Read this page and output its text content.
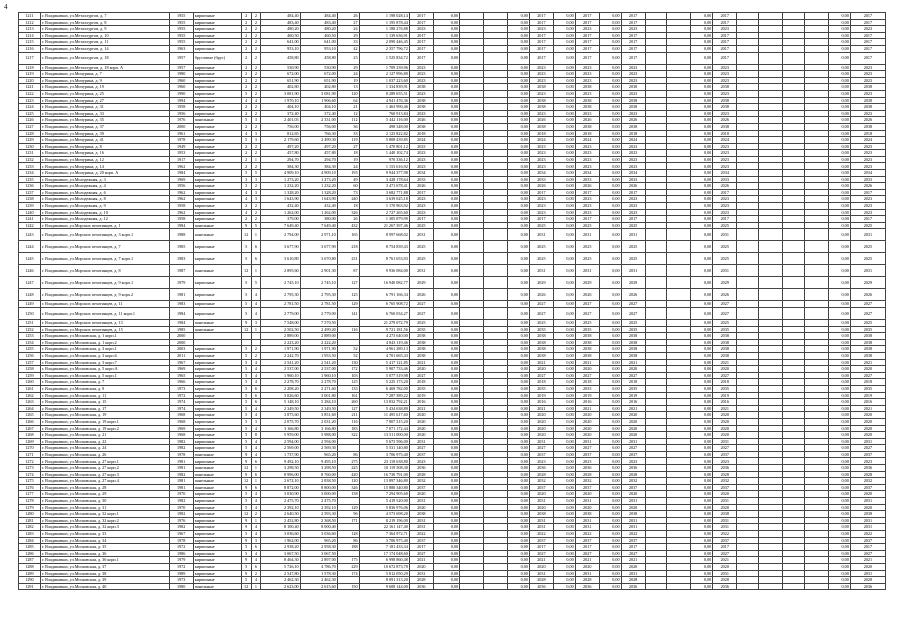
4
1211	г. Владикавказ, ул.Металлургов, д. 7	1955	кирпичные	2	2	484,40	484,40	26	1 198 028,14	2017	0,00			0,00	2017	0,00	2017	0,00	2017			0,00	2017					0,00	2017
1212	г. Владикавказ, ул.Металлургов, д. 8	1955	кирпичные	2	2	483,40	483,40	27	1 195 878,44	2017	0,00			0,00	2017	0,00	2017	0,00	2017			0,00	2017					0,00	2017
1213	г. Владикавказ, ул.Металлургов, д. 9	1955	кирпичные	2	2	480,20	480,20	24	1 188 276,88	2023	0,00			0,00	2023	0,00	2023	0,00	2023			0,00	2023					0,00	2023
1214	г. Владикавказ, ул.Металлургов, д. 10	1955	кирпичные	2	2	460,50	460,50	29	1 139 636,91	2017	0,00			0,00	2017	0,00	2017	0,00	2017			0,00	2017					0,00	2017
1215	г. Владикавказ, ул.Металлургов, д. 11	1955	кирпичные	2	2	641,00	641,00	33	2 090 446,45	2017	0,00			0,00	2017	0,00	2017	0,00	2017			0,00	2017					0,00	2017
1216	г. Владикавказ, ул.Металлургов, д. 14	1963	кирпичные	2	2	953,10	953,10	42	2 357 796,72	2017	0,00			0,00	2017	0,00	2017	0,00	2017			0,00	2017					0,00	2017
1217	г. Владикавказ, ул.Металлургов, д. 18	1957	брусчатые (брус)	2	2	458,80	458,80	23	1 525 834,72	2017	0,00			0,00	2017	0,00	2017	0,00	2017			0,00	2017					0,00	2017
1218	г. Владикавказ, ул.Металлургов, д. 18 корп. А	1957	кирпичные	2	2	530,90	530,90	29	1 709 239,96	2023	0,00			0,00	2023	0,00	2023	0,00	2023			0,00	2023					0,00	2023
1219	г. Владикавказ, ул.Мичурина, д. 7	1980	кирпичные	2	2	672,00	672,00	24	2 127 996,80	2023	0,00			0,00	2023	0,00	2023	0,00	2023			0,00	2023					0,00	2023
1220	г. Владикавказ, ул.Мичурина, д. 9	1960	кирпичные	2	2	651,90	651,90	19	1 037 223,60	2023	0,00			0,00	2023	0,00	2023	0,00	2023			0,00	2023					0,00	2023
1221	г. Владикавказ, ул.Мичурина, д. 19	1960	кирпичные	2	2	402,80	402,80	13	1 334 839,91	2038	0,00			0,00	2038	0,00	2038	0,00	2038			0,00	2038					0,00	2038
1222	г. Владикавказ, ул.Мичурина, д. 25	1990	кирпичные	5	2	3 081,90	3 081,90	120	8 289 655,51	2023	0,00			0,00	2023	0,00	2023	0,00	2023			0,00	2023					0,00	2023
1223	г. Владикавказ, ул.Мичурина, д. 27	1994	кирпичные	4	4	1 970,10	1 906,60	64	4 941 476,36	2038	0,00			0,00	2038	0,00	2038	0,00	2038			0,00	2038					0,00	2038
1224	г. Владикавказ, ул.Мичурина, д. 31	1958	кирпичные	2	2	404,10	404,10	21	1 463 990,46	2038	0,00			0,00	2038	0,00	2038	0,00	2038			0,00	2038					0,00	2038
1225	г. Владикавказ, ул.Мичурина, д. 33	1956	кирпичные	2	2	372,40	372,40	12	760 913,84	2023	0,00			0,00	2023	0,00	2023	0,00	2023			0,00	2023					0,00	2023
1226	г. Владикавказ, ул.Мичурина, д. 35	1976	панельные	5	3	2 401,03	2 331,00	112	5 442 116,00	2026	0,00			0,00	2026	0,00	2026	0,00	2026			0,00	2026					0,00	2026
1227	г. Владикавказ, ул.Мичурина, д. 37	2000	кирпичные	2	2	756,00	756,00	36	498 348,00	2038	0,00			0,00	2038	0,00	2038	0,00	2038			0,00	2038					0,00	2038
1228	г. Владикавказ, ул.Мичурина, д. 39	1961	кирпичные	4	3	812,65	766,30	33	2 123 822,82	2018	0,00			0,00	2018	0,00	2018	0,00	2018			0,00	2018					0,00	2018
1229	г. Владикавказ, ул.Мичурина, д. 41	1978	кирпичные	5	3	2 179,60	2 499,30	119	5 808 439,85	2024	0,00			0,00	2024	0,00	2024	0,00	2024			0,00	2024					0,00	2024
1230	г. Владикавказ, ул.Мичурина, д. 8	1949	кирпичные	2	2	497,20	497,20	27	1 470 801,12	2023	0,00			0,00	2023	0,00	2023	0,00	2023			0,00	2023					0,00	2023
1231	г. Владикавказ, ул.Мичурина, д. 16	1953	кирпичные	2	2	457,80	457,80	18	1 440 102,74	2023	0,00			0,00	2023	0,00	2023	0,00	2023			0,00	2023					0,00	2023
1232	г. Владикавказ, ул.Мичурина, д. 12	1917	кирпичные	2	1	294,70	294,70	19	970 336,12	2023	0,00			0,00	2023	0,00	2023	0,00	2023			0,00	2023					0,00	2023
1233	г. Владикавказ, ул.Мичурина, д. 14	1962	кирпичные	2	2	384,30	384,30	24	1 153 616,92	2023	0,00			0,00	2023	0,00	2023	0,00	2023			0,00	2023					0,00	2023
1234	г. Владикавказ, ул.Мичурина, д. 20 корп. А	1984	кирпичные	5	5	4 909,10	4 909,10	193	9 944 377,98	2034	0,00			0,00	2034	0,00	2034	0,00	2034			0,00	2034					0,00	2034
1235	г. Владикавказ, ул.Молодежная, д. 3	1969	кирпичные	3	3	1 273,20	1 273,20	49	3 428 178,64	2033	0,00			0,00	2033	0,00	2033	0,00	2033			0,00	2033					0,00	2033
1236	г. Владикавказ, ул.Молодежная, д. 4	1956	кирпичные	3	2	1 232,20	1 232,20	60	3 471 678,41	2026	0,00			0,00	2026	0,00	2026	0,00	2026			0,00	2026					0,00	2026
1237	г. Владикавказ, ул.Молодежная, д. 6	1962	кирпичные	4	3	1 328,20	1 328,20	73	3 682 771,88	2017	0,00			0,00	2017	0,00	2017	0,00	2017			0,00	2017					0,00	2017
1238	г. Владикавказ, ул.Молодежная, д. 8	1962	кирпичные	4	3	1 643,90	1 643,90	240	3 639 025,18	2023	0,00			0,00	2023	0,00	2023	0,00	2023			0,00	2023					0,00	2023
1239	г. Владикавказ, ул.Молодежная, д. 9	1958	кирпичные	2	2	432,40	432,40	18	1 170 963,92	2023	0,00			0,00	2023	0,00	2023	0,00	2023			0,00	2023					0,00	2023
1240	г. Владикавказ, ул.Молодежная, д. 10	1962	кирпичные	4	2	1 262,00	1 262,00	326	2 727 265,60	2023	0,00			0,00	2023	0,00	2023	0,00	2023			0,00	2023					0,00	2023
1241	г. Владикавказ, ул.Молодежная, д. 12	1958	кирпичные	2	2	379,00	380,00	26	1 305 879,99	2017	0,00			0,00	2017	0,00	2017	0,00	2017			0,00	2017					0,00	2017
1242	г. Владикавказ, ул.Морских пехотинцев, д. 1	1984	панельные	9	5	7 649,40	7 649,40	432	21 267 397,46	2025	0,00			0,00	2025	0,00	2025	0,00	2025			0,00	2025					0,00	2025
1243	г. Владикавказ, ул.Морских пехотинцев, д. 3 корп.1	1988	панельные	12	1	2 794,00	2 971,10	165	8 997 668,02	2031	0,00			0,00	2031	0,00	2031	0,00	2031			0,00	2031					0,00	2031
1244	г. Владикавказ, ул.Морских пехотинцев, д. 7	1985	кирпичные	5	6	3 677,90	3 677,90	218	8 754 839,43	2025	0,00			0,00	2025	0,00	2025	0,00	2025			0,00	2025					0,00	2025
1245	г. Владикавказ, ул.Морских пехотинцев, д. 7 корп.1	1983	кирпичные	5	6	3 610,80	3 670,80	231	8 761 653,93	2025	0,00			0,00	2025	0,00	2025	0,00	2025			0,00	2025					0,00	2025
1246	г. Владикавказ, ул.Морских пехотинцев, д. 8	1987	панельные	12	1	2 895,60	2 901,30	87	9 936 084,00	2031	0,00			0,00	2031	0,00	2031	0,00	2031			0,00	2031					0,00	2031
1247	г. Владикавказ, ул.Морских пехотинцев, д. 9 корп.1	1979	кирпичные	5	5	2 745,10	2 745,10	127	16 940 082,77	2029	0,00			0,00	2029	0,00	2029	0,00	2029			0,00	2029					0,00	2029
1248	г. Владикавказ, ул.Морских пехотинцев, д. 9 корп.2	1981	кирпичные	5	4	2 795,30	2 795,30	125	6 791 166,34	2026	0,00			0,00	2026	0,00	2026	0,00	2026			0,00	2026					0,00	2026
1249	г. Владикавказ, ул.Морских пехотинцев, д. 11	1983	кирпичные	5	4	2 781,50	2 781,50	129	6 765 908,72	2027	0,00			0,00	2027	0,00	2027	0,00	2027			0,00	2027					0,00	2027
1250	г. Владикавказ, ул.Морских пехотинцев, д. 11 корп.1	1984	кирпичные	5	4	2 779,00	2 779,00	141	6 760 034,27	2027	0,00			0,00	2027	0,00	2027	0,00	2027			0,00	2027					0,00	2027
1251	г. Владикавказ, ул.Морских пехотинцев, д. 13	1984	панельные	9	3	7 548,00	7 579,50		21 279 072,79	2025	0,00			0,00	2025	0,00	2025	0,00	2025			0,00	2025					0,00	2025
1252	г. Владикавказ, ул.Морских пехотинцев, д. 15	1985	панельные	12	1	2 502,50	2 499,20	116	9 721 181,56	2035	0,00			0,00	2035	0,00	2035	0,00	2035			0,00	2035					0,00	2035
1253	г. Владикавказ, ул.Московская, д. 1 корп.1	2000				2 889,00	2 889,00		4 273 640,00	2038	0,00			0,00	2038	0,00	2038	0,00	2038			0,00	2038					0,00	2038
1254	г. Владикавказ, ул.Московская, д. 1 корп.2	2000				2 223,20	2 222,20		4 843 119,46	2038	0,00			0,00	2038	0,00	2038	0,00	2038			0,00	2038					0,00	2038
1255	г. Владикавказ, ул.Московская, д. 3 корп.1	2003	кирпичные	5	2	1 971,90	1 971,90	52	4 961 289,13	2038	0,00			0,00	2038	0,00	2038	0,00	2038			0,00	2038					0,00	2038
1256	г. Владикавказ, ул.Московская, д. 3 корп.6	2011	кирпичные	5	2	2 242,70	1 953,50	52	4 701 665,43	2038	0,00			0,00	2038	0,00	2038	0,00	2038			0,00	2038					0,00	2038
1257	г. Владикавказ, ул.Московская, д. 3 корп.7	1967	кирпичные	5	4	2 541,20	2 541,20	130	5 417 121,85	2021	0,00			0,00	2021	0,00	2021	0,00	2021			0,00	2021					0,00	2021
1258	г. Владикавказ, ул.Московская, д. 5 корп.А	1969	кирпичные	5	4	2 537,00	2 537,00	172	5 907 733,46	2020	0,00			0,00	2020	0,00	2020	0,00	2020			0,00	2020					0,00	2020
1259	г. Владикавказ, ул.Московская, д. 5 корп.1	1965	кирпичные	5	4	1 960,10	1 960,10	103	5 077 319,98	2027	0,00			0,00	2027	0,00	2027	0,00	2027			0,00	2027					0,00	2027
1260	г. Владикавказ, ул.Московская, д. 7	1966	кирпичные	5	4	2 278,70	2 278,70	125	5 225 173,20	2018	0,00			0,00	2018	0,00	2018	0,00	2018			0,00	2018					0,00	2018
1261	г. Владикавказ, ул.Московская, д. 9	1973	кирпичные	5	6	2 208,20	2 271,60	133	6 469 782,00	2035	0,00			0,00	2035	0,00	2035	0,00	2035			0,00	2035					0,00	2035
1262	г. Владикавказ, ул.Московская, д. 11	1972	кирпичные	5	6	3 026,60	3 001,80	161	7 287 389,22	2019	0,00			0,00	2019	0,00	2019	0,00	2019			0,00	2019					0,00	2019
1263	г. Владикавказ, ул.Московская, д. 15	1974	кирпичные	5	6	5 148,10	5 284,10	260	13 832 792,21	2016	0,00			0,00	2016	0,00	2016	0,00	2016			0,00	2016					0,00	2016
1264	г. Владикавказ, ул.Московская, д. 17	1974	кирпичные	5	4	2 349,50	2 349,50	127	5 434 638,89	2021	0,00			0,00	2021	0,00	2021	0,00	2021			0,00	2021					0,00	2021
1265	г. Владикавказ, ул.Московская, д. 19	1968	кирпичные	5	4	3 875,60	3 851,60	211	11 495 617,60	2020	0,00			0,00	2020	0,00	2020	0,00	2020			0,00	2020					0,00	2020
1266	г. Владикавказ, ул.Московская, д. 19 корп.1	1968	кирпичные	5	3	2 075,70	2 031,20	116	7 807 315,20	2020	0,00			0,00	2020	0,00	2020	0,00	2020			0,00	2020					0,00	2020
1267	г. Владикавказ, ул.Московская, д. 19 корп.2	1969	кирпичные	5	4	3 166,80	3 166,80	183	7 071 172,44	2020	0,00			0,00	2020	0,00	2020	0,00	2020			0,00	2020					0,00	2020
1268	г. Владикавказ, ул.Московская, д. 21	1968	кирпичные	5	8	5 959,00	5 988,00	322	13 511 000,00	2020	0,00			0,00	2020	0,00	2020	0,00	2020			0,00	2020					0,00	2020
1269	г. Владикавказ, ул.Московская, д. 22	1982	кирпичные	5	4	2 594,00	2 594,00		5 673 596,00	2031	0,00			0,00	2031	0,00	2031	0,00	2031			0,00	2031					0,00	2031
1270	г. Владикавказ, ул.Московская, д. 24	1982	кирпичные	5	4	2 569,00	2 569,30		5 531 140,80	2027	0,00			0,00	2027	0,00	2027	0,00	2027			0,00	2027					0,00	2027
1271	г. Владикавказ, ул.Московская, д. 26	1978	панельные	9	4	1 737,90	965,20	86	3 706 975,40	2037	0,00			0,00	2037	0,00	2037	0,00	2037			0,00	2037					0,00	2037
1272	г. Владикавказ, ул.Московская, д. 27 корп.1	1981	кирпичные	9	6	9 492,10	9 495,10	275	23 118 638,80	2023	0,00			0,00	2023	0,00	2023	0,00	2023			0,00	2023					0,00	2023
1273	г. Владикавказ, ул.Московская, д. 27 корп.2	1981	панельные	12	1	3 298,50	3 298,50	225	10 119 508,30	2036	0,00			0,00	2036	0,00	2036	0,00	2036			0,00	2036					0,00	2036
1274	г. Владикавказ, ул.Московская, д. 27 корп.3	1982	панельные	9	6	8 996,00	8 760,00	420	16 730 791,00	2028	0,00			0,00	2028	0,00	2028	0,00	2028			0,00	2028					0,00	2028
1275	г. Владикавказ, ул.Московская, д. 27 корп.4	1981	панельные	12	1	2 672,10	2 838,50	120	13 897 346,80	2032	0,00			0,00	2032	0,00	2032	0,00	2032			0,00	2032					0,00	2032
1276	г. Владикавказ, ул.Московская, д. 28	1981	панельные	9	6	8 872,00	8 800,00	326	15 880 340,80	2037	0,00			0,00	2037	0,00	2037	0,00	2037			0,00	2037					0,00	2037
1277	г. Владикавказ, ул.Московская, д. 29	1970	кирпичные	5	4	3 030,90	3 000,00	158	7 294 905,60	2020	0,00			0,00	2020	0,00	2020	0,00	2020			0,00	2020					0,00	2020
1278	г. Владикавказ, ул.Московская, д. 30	1982	кирпичные	5	4	2 475,70	2 475,70		5 419 520,00	2031	0,00			0,00	2031	0,00	2031	0,00	2031			0,00	2031					0,00	2031
1279	г. Владикавказ, ул.Московская, д. 31	1970	кирпичные	5	4	2 392,10	2 392,10	129	5 836 976,06	2020	0,00			0,00	2020	0,00	2020	0,00	2020			0,00	2020					0,00	2020
1280	г. Владикавказ, ул.Московская, д. 32 корп.1	1982	кирпичные	12	2	2 640,50	2 593,30	96	4 573 698,20	2038	0,00			0,00	2038	0,00	2038	0,00	2038			0,00	2038					0,00	2038
1281	г. Владикавказ, ул.Московская, д. 32 корп.2	1976	кирпичные	9	1	2 452,80	2 368,50	171	8 219 196,00	2031	0,00			0,00	2031	0,00	2031	0,00	2031			0,00	2031					0,00	2031
1282	г. Владикавказ, ул.Московская, д. 32 корп.3	1982	кирпичные	9	4	8 100,40	8 000,40		22 161 147,40	2031	0,00			0,00	2031	0,00	2031	0,00	2031			0,00	2031					0,00	2031
1283	г. Владикавказ, ул.Московская, д. 33	1967	кирпичные	5	4	3 036,60	3 036,60	128	7 364 972,71	2022	0,00			0,00	2022	0,00	2022	0,00	2022			0,00	2022					0,00	2022
1284	г. Владикавказ, ул.Московская, д. 34	1978	кирпичные	9	3	1 962,00	965,20	86	3 706 975,40	2037	0,00			0,00	2037	0,00	2037	0,00	2037			0,00	2037					0,00	2037
1285	г. Владикавказ, ул.Московская, д. 35	1972	кирпичные	5	6	2 938,20	2 958,30	188	7 181 433,34	2017	0,00			0,00	2017	0,00	2017	0,00	2017			0,00	2017					0,00	2017
1286	г. Владикавказ, ул.Московская, д. 36	1986	кирпичные	5	4	3 067,50	3 067,50		17 174 048,60	2027	0,00			0,00	2027	0,00	2027	0,00	2027			0,00	2027					0,00	2027
1287	г. Владикавказ, ул.Московская, д. 36 корп.1	1979	кирпичные	9	4	8 464,30	2 897,00	175	6 998 860,48	2021	0,00			0,00	2021	0,00	2021	0,00	2021			0,00	2021					0,00	2021
1288	г. Владикавказ, ул.Московская, д. 37	1972	кирпичные	5	6	5 726,10	4 786,70	229	10 672 873,78	2020	0,00			0,00	2020	0,00	2020	0,00	2020			0,00	2020					0,00	2020
1289	г. Владикавказ, ул.Московская, д. 38	1989	кирпичные	9	2	2 547,80	1 578,30	174	5 812 050,29	2031	0,00			0,00	2031	0,00	2031	0,00	2031			0,00	2031					0,00	2031
1290	г. Владикавказ, ул.Московская, д. 39	1973	кирпичные	5	4	2 462,30	2 462,30		8 091 313,20	2028	0,00			0,00	2028	0,00	2028	0,00	2028			0,00	2028					0,00	2028
1291	г. Владикавказ, ул.Московская, д. 40	1980	панельные	12	1	2 623,00	2 615,60	150	9 608 144,00	2036	0,00			0,00	2036	0,00	2036	0,00	2036			0,00	2036					0,00	2036
